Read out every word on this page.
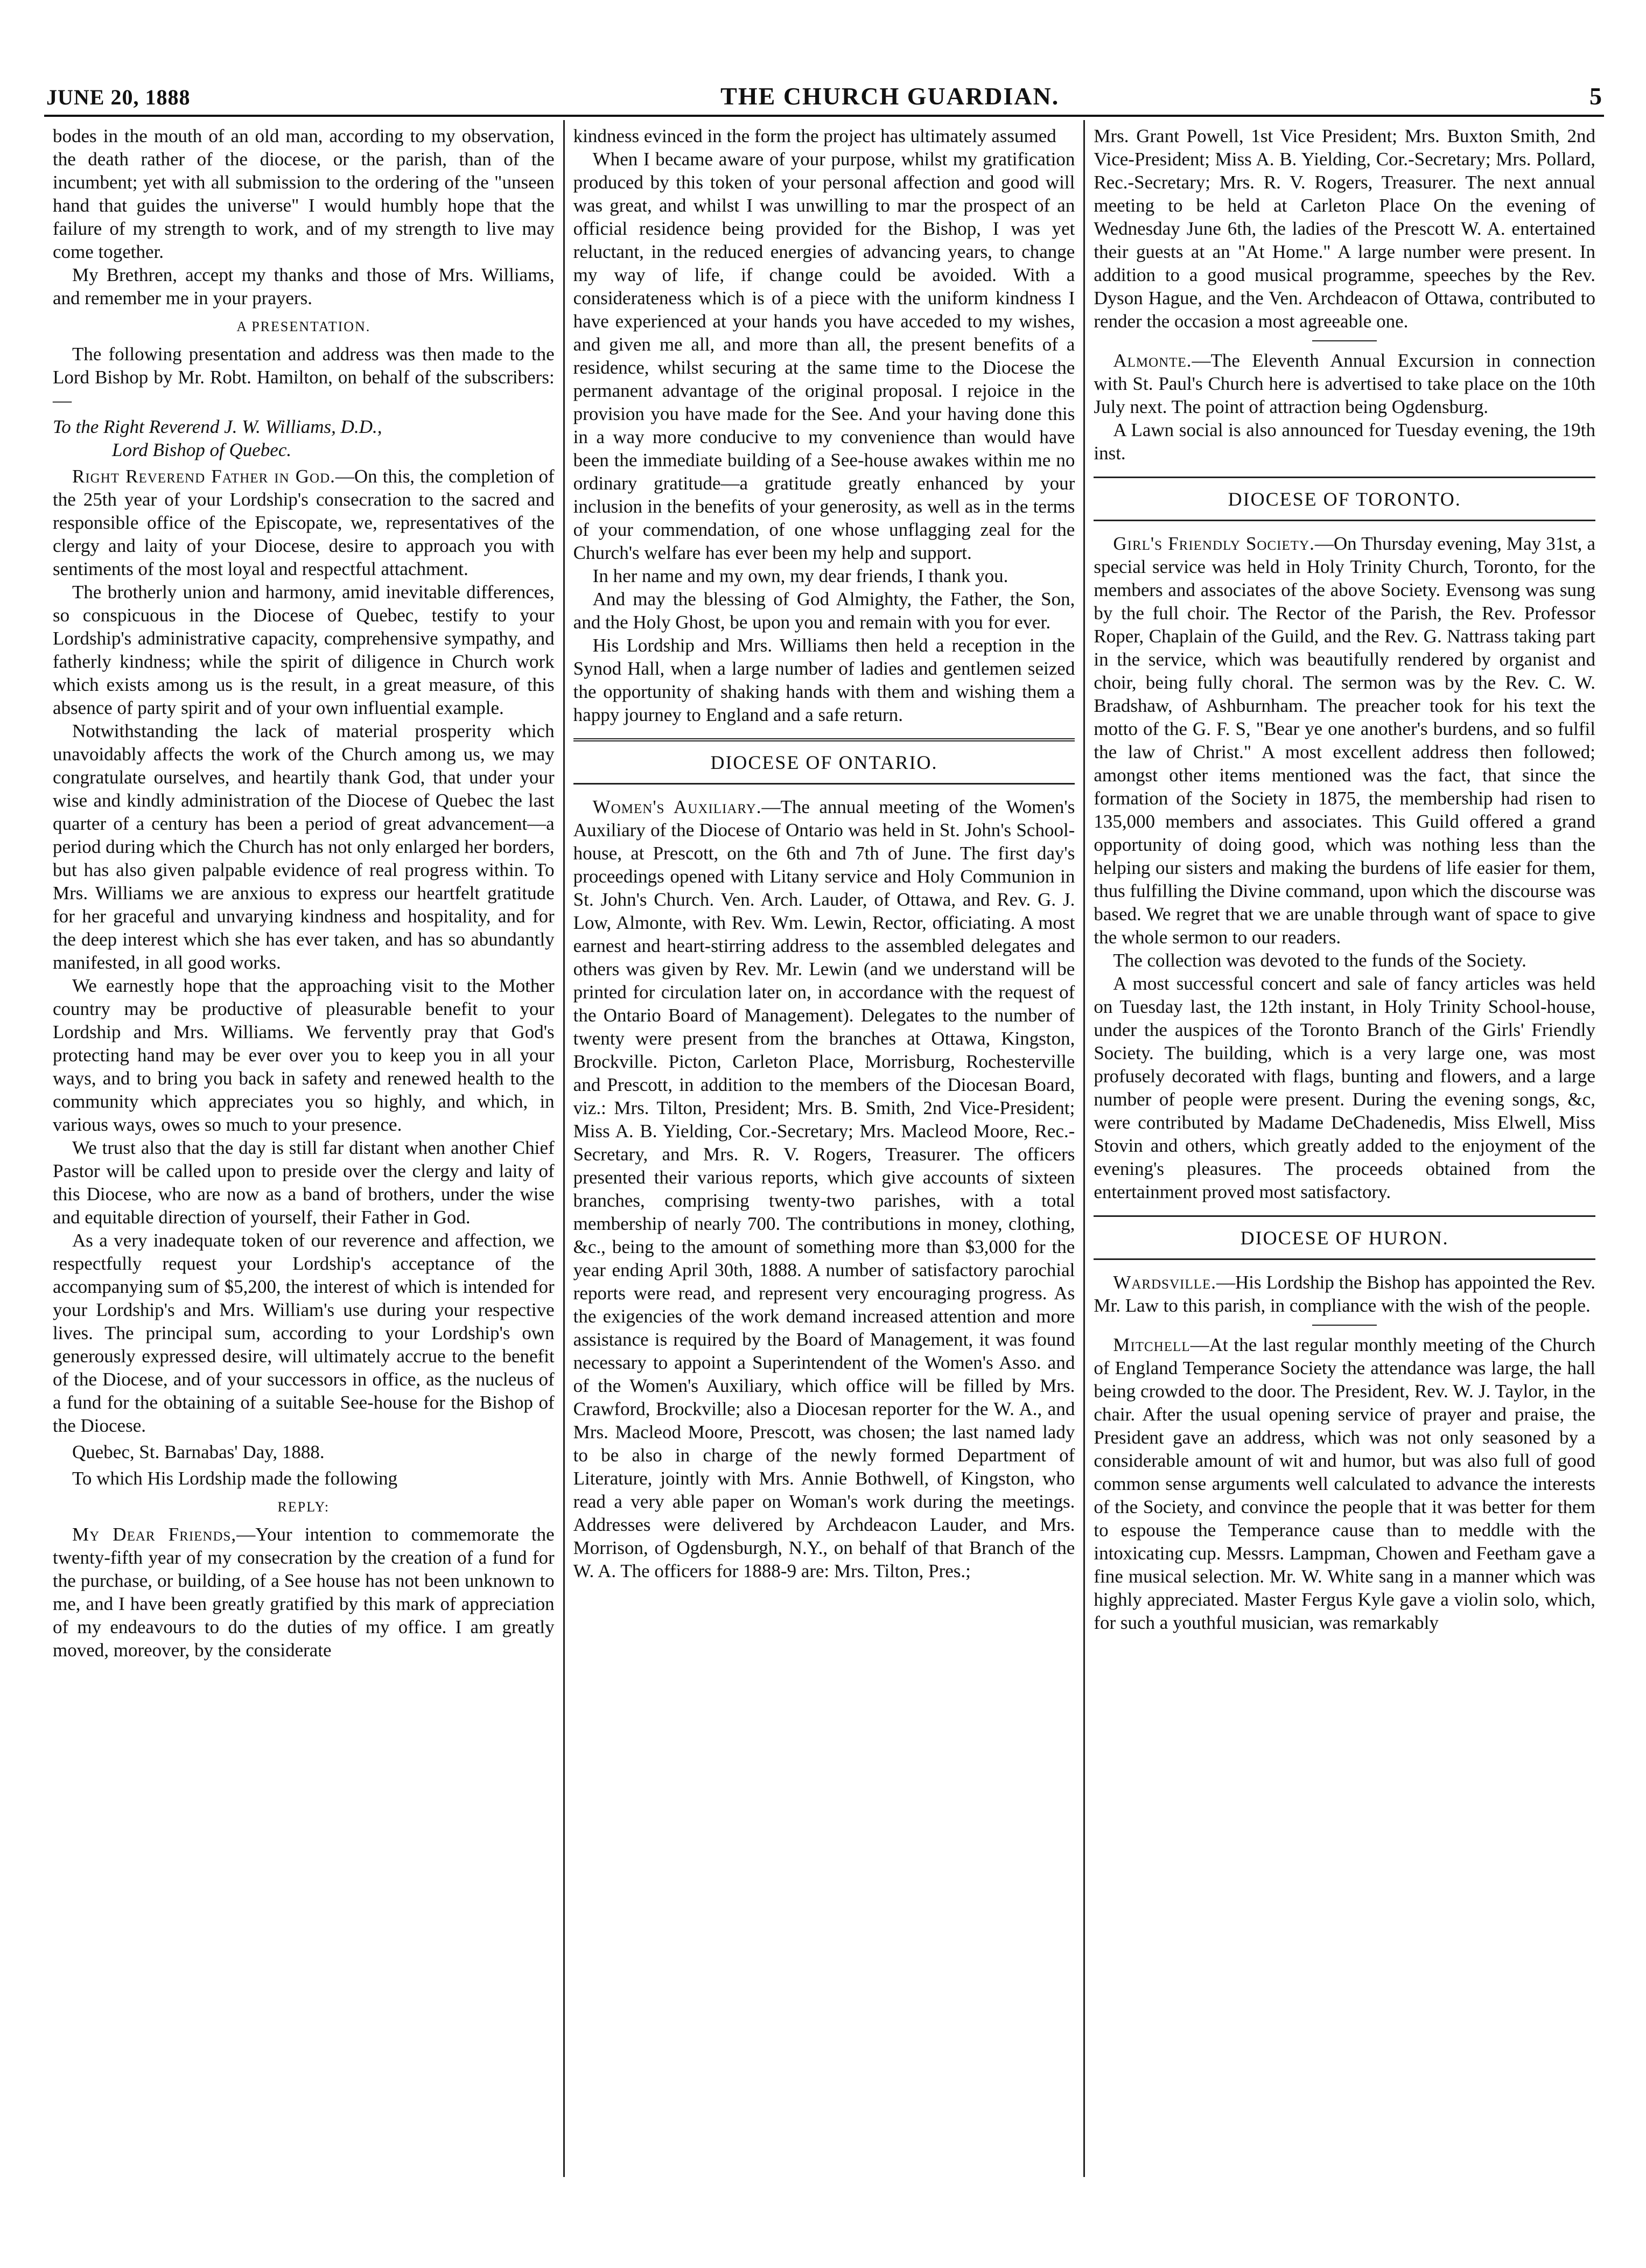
JUNE 20, 1888	THE CHURCH GUARDIAN.	5

bodes in the mouth of an old man, according to my observation, the death rather of the diocese, or the parish, than of the incumbent; yet with all submission to the ordering of the "unseen hand that guides the universe" I would humbly hope that the failure of my strength to work, and of my strength to live may come together.

My Brethren, accept my thanks and those of Mrs. Williams, and remember me in your prayers.

A PRESENTATION.

The following presentation and address was then made to the Lord Bishop by Mr. Robt. Hamilton, on behalf of the subscribers:—

To the Right Reverend J. W. Williams, D.D.,
Lord Bishop of Quebec.

Right Reverend Father in God.—On this, the completion of the 25th year of your Lordship's consecration to the sacred and responsible office of the Episcopate, we, representatives of the clergy and laity of your Diocese, desire to approach you with sentiments of the most loyal and respectful attachment.

The brotherly union and harmony, amid inevitable differences, so conspicuous in the Diocese of Quebec, testify to your Lordship's administrative capacity, comprehensive sympathy, and fatherly kindness; while the spirit of diligence in Church work which exists among us is the result, in a great measure, of this absence of party spirit and of your own influential example.

Notwithstanding the lack of material prosperity which unavoidably affects the work of the Church among us, we may congratulate ourselves, and heartily thank God, that under your wise and kindly administration of the Diocese of Quebec the last quarter of a century has been a period of great advancement—a period during which the Church has not only enlarged her borders, but has also given palpable evidence of real progress within. To Mrs. Williams we are anxious to express our heartfelt gratitude for her graceful and unvarying kindness and hospitality, and for the deep interest which she has ever taken, and has so abundantly manifested, in all good works.

We earnestly hope that the approaching visit to the Mother country may be productive of pleasurable benefit to your Lordship and Mrs. Williams. We fervently pray that God's protecting hand may be ever over you to keep you in all your ways, and to bring you back in safety and renewed health to the community which appreciates you so highly, and which, in various ways, owes so much to your presence.

We trust also that the day is still far distant when another Chief Pastor will be called upon to preside over the clergy and laity of this Diocese, who are now as a band of brothers, under the wise and equitable direction of yourself, their Father in God.

As a very inadequate token of our reverence and affection, we respectfully request your Lordship's acceptance of the accompanying sum of $5,200, the interest of which is intended for your Lordship's and Mrs. William's use during your respective lives. The principal sum, according to your Lordship's own generously expressed desire, will ultimately accrue to the benefit of the Diocese, and of your successors in office, as the nucleus of a fund for the obtaining of a suitable See-house for the Bishop of the Diocese.

Quebec, St. Barnabas' Day, 1888.

To which His Lordship made the following

REPLY:

My Dear Friends,—Your intention to commemorate the twenty-fifth year of my consecration by the creation of a fund for the purchase, or building, of a See house has not been unknown to me, and I have been greatly gratified by this mark of appreciation of my endeavours to do the duties of my office. I am greatly moved, moreover, by the considerate

kindness evinced in the form the project has ultimately assumed

When I became aware of your purpose, whilst my gratification produced by this token of your personal affection and good will was great, and whilst I was unwilling to mar the prospect of an official residence being provided for the Bishop, I was yet reluctant, in the reduced energies of advancing years, to change my way of life, if change could be avoided. With a considerateness which is of a piece with the uniform kindness I have experienced at your hands you have acceded to my wishes, and given me all, and more than all, the present benefits of a residence, whilst securing at the same time to the Diocese the permanent advantage of the original proposal. I rejoice in the provision you have made for the See. And your having done this in a way more conducive to my convenience than would have been the immediate building of a See-house awakes within me no ordinary gratitude—a gratitude greatly enhanced by your inclusion in the benefits of your generosity, as well as in the terms of your commendation, of one whose unflagging zeal for the Church's welfare has ever been my help and support.

In her name and my own, my dear friends, I thank you.

And may the blessing of God Almighty, the Father, the Son, and the Holy Ghost, be upon you and remain with you for ever.

His Lordship and Mrs. Williams then held a reception in the Synod Hall, when a large number of ladies and gentlemen seized the opportunity of shaking hands with them and wishing them a happy journey to England and a safe return.

DIOCESE OF ONTARIO.

Women's Auxiliary.—The annual meeting of the Women's Auxiliary of the Diocese of Ontario was held in St. John's School-house, at Prescott, on the 6th and 7th of June. The first day's proceedings opened with Litany service and Holy Communion in St. John's Church. Ven. Arch. Lauder, of Ottawa, and Rev. G. J. Low, Almonte, with Rev. Wm. Lewin, Rector, officiating. A most earnest and heart-stirring address to the assembled delegates and others was given by Rev. Mr. Lewin (and we understand will be printed for circulation later on, in accordance with the request of the Ontario Board of Management). Delegates to the number of twenty were present from the branches at Ottawa, Kingston, Brockville. Picton, Carleton Place, Morrisburg, Rochesterville and Prescott, in addition to the members of the Diocesan Board, viz.: Mrs. Tilton, President; Mrs. B. Smith, 2nd Vice-President; Miss A. B. Yielding, Cor.-Secretary; Mrs. Macleod Moore, Rec.-Secretary, and Mrs. R. V. Rogers, Treasurer. The officers presented their various reports, which give accounts of sixteen branches, comprising twenty-two parishes, with a total membership of nearly 700. The contributions in money, clothing, &c., being to the amount of something more than $3,000 for the year ending April 30th, 1888. A number of satisfactory parochial reports were read, and represent very encouraging progress. As the exigencies of the work demand increased attention and more assistance is required by the Board of Management, it was found necessary to appoint a Superintendent of the Women's Asso. and of the Women's Auxiliary, which office will be filled by Mrs. Crawford, Brockville; also a Diocesan reporter for the W. A., and Mrs. Macleod Moore, Prescott, was chosen; the last named lady to be also in charge of the newly formed Department of Literature, jointly with Mrs. Annie Bothwell, of Kingston, who read a very able paper on Woman's work during the meetings. Addresses were delivered by Archdeacon Lauder, and Mrs. Morrison, of Ogdensburgh, N.Y., on behalf of that Branch of the W. A. The officers for 1888-9 are: Mrs. Tilton, Pres.;

Mrs. Grant Powell, 1st Vice President; Mrs. Buxton Smith, 2nd Vice-President; Miss A. B. Yielding, Cor.-Secretary; Mrs. Pollard, Rec.-Secretary; Mrs. R. V. Rogers, Treasurer. The next annual meeting to be held at Carleton Place On the evening of Wednesday June 6th, the ladies of the Prescott W. A. entertained their guests at an "At Home." A large number were present. In addition to a good musical programme, speeches by the Rev. Dyson Hague, and the Ven. Archdeacon of Ottawa, contributed to render the occasion a most agreeable one.

Almonte.—The Eleventh Annual Excursion in connection with St. Paul's Church here is advertised to take place on the 10th July next. The point of attraction being Ogdensburg.

A Lawn social is also announced for Tuesday evening, the 19th inst.

DIOCESE OF TORONTO.

Girl's Friendly Society.—On Thursday evening, May 31st, a special service was held in Holy Trinity Church, Toronto, for the members and associates of the above Society. Evensong was sung by the full choir. The Rector of the Parish, the Rev. Professor Roper, Chaplain of the Guild, and the Rev. G. Nattrass taking part in the service, which was beautifully rendered by organist and choir, being fully choral. The sermon was by the Rev. C. W. Bradshaw, of Ashburnham. The preacher took for his text the motto of the G. F. S, "Bear ye one another's burdens, and so fulfil the law of Christ." A most excellent address then followed; amongst other items mentioned was the fact, that since the formation of the Society in 1875, the membership had risen to 135,000 members and associates. This Guild offered a grand opportunity of doing good, which was nothing less than the helping our sisters and making the burdens of life easier for them, thus fulfilling the Divine command, upon which the discourse was based. We regret that we are unable through want of space to give the whole sermon to our readers.

The collection was devoted to the funds of the Society.

A most successful concert and sale of fancy articles was held on Tuesday last, the 12th instant, in Holy Trinity School-house, under the auspices of the Toronto Branch of the Girls' Friendly Society. The building, which is a very large one, was most profusely decorated with flags, bunting and flowers, and a large number of people were present. During the evening songs, &c, were contributed by Madame DeChadenedis, Miss Elwell, Miss Stovin and others, which greatly added to the enjoyment of the evening's pleasures. The proceeds obtained from the entertainment proved most satisfactory.

DIOCESE OF HURON.

Wardsville.—His Lordship the Bishop has appointed the Rev. Mr. Law to this parish, in compliance with the wish of the people.

Mitchell—At the last regular monthly meeting of the Church of England Temperance Society the attendance was large, the hall being crowded to the door. The President, Rev. W. J. Taylor, in the chair. After the usual opening service of prayer and praise, the President gave an address, which was not only seasoned by a considerable amount of wit and humor, but was also full of good common sense arguments well calculated to advance the interests of the Society, and convince the people that it was better for them to espouse the Temperance cause than to meddle with the intoxicating cup. Messrs. Lampman, Chowen and Feetham gave a fine musical selection. Mr. W. White sang in a manner which was highly appreciated. Master Fergus Kyle gave a violin solo, which, for such a youthful musician, was remarkably
